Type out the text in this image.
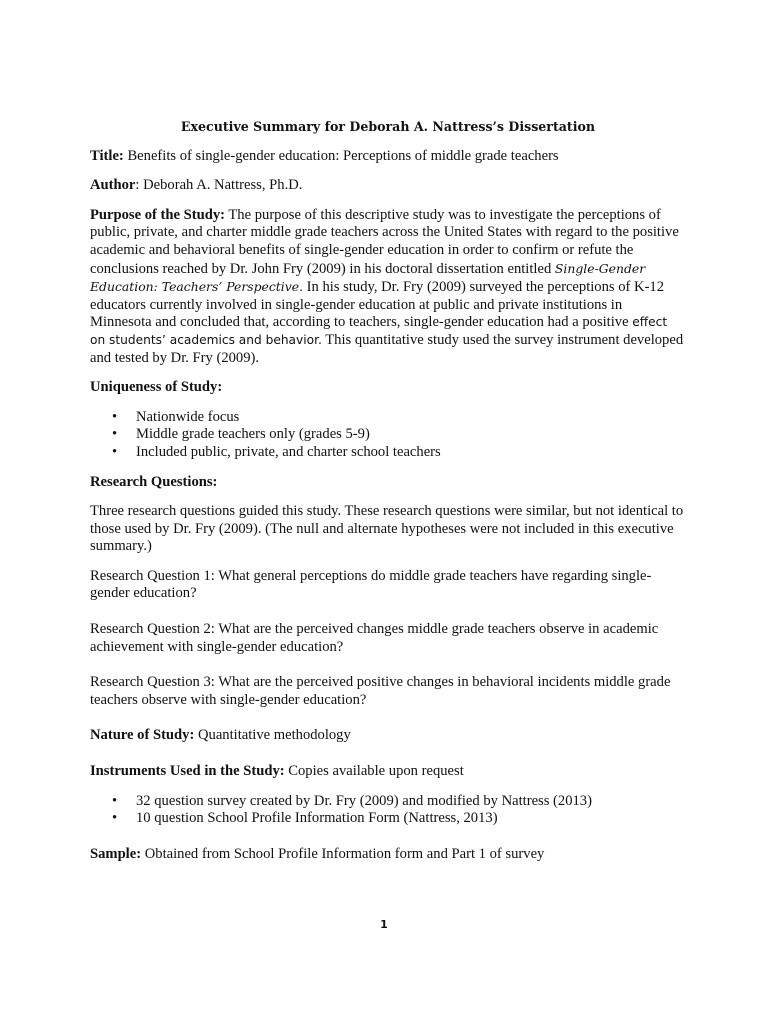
Executive Summary for Deborah A. Nattress’s Dissertation

Title: Benefits of single-gender education: Perceptions of middle grade teachers

Author: Deborah A. Nattress, Ph.D.

Purpose of the Study: The purpose of this descriptive study was to investigate the perceptions of public, private, and charter middle grade teachers across the United States with regard to the positive academic and behavioral benefits of single-gender education in order to confirm or refute the conclusions reached by Dr. John Fry (2009) in his doctoral dissertation entitled Single-Gender Education: Teachers’ Perspective. In his study, Dr. Fry (2009) surveyed the perceptions of K-12 educators currently involved in single-gender education at public and private institutions in Minnesota and concluded that, according to teachers, single-gender education had a positive effect on students’ academics and behavior. This quantitative study used the survey instrument developed and tested by Dr. Fry (2009).

Uniqueness of Study:

• Nationwide focus
• Middle grade teachers only (grades 5-9)
• Included public, private, and charter school teachers

Research Questions:

Three research questions guided this study. These research questions were similar, but not identical to those used by Dr. Fry (2009). (The null and alternate hypotheses were not included in this executive summary.)

Research Question 1: What general perceptions do middle grade teachers have regarding single-gender education?

Research Question 2: What are the perceived changes middle grade teachers observe in academic achievement with single-gender education?

Research Question 3: What are the perceived positive changes in behavioral incidents middle grade teachers observe with single-gender education?

Nature of Study: Quantitative methodology

Instruments Used in the Study: Copies available upon request

• 32 question survey created by Dr. Fry (2009) and modified by Nattress (2013)
• 10 question School Profile Information Form (Nattress, 2013)

Sample: Obtained from School Profile Information form and Part 1 of survey

1
